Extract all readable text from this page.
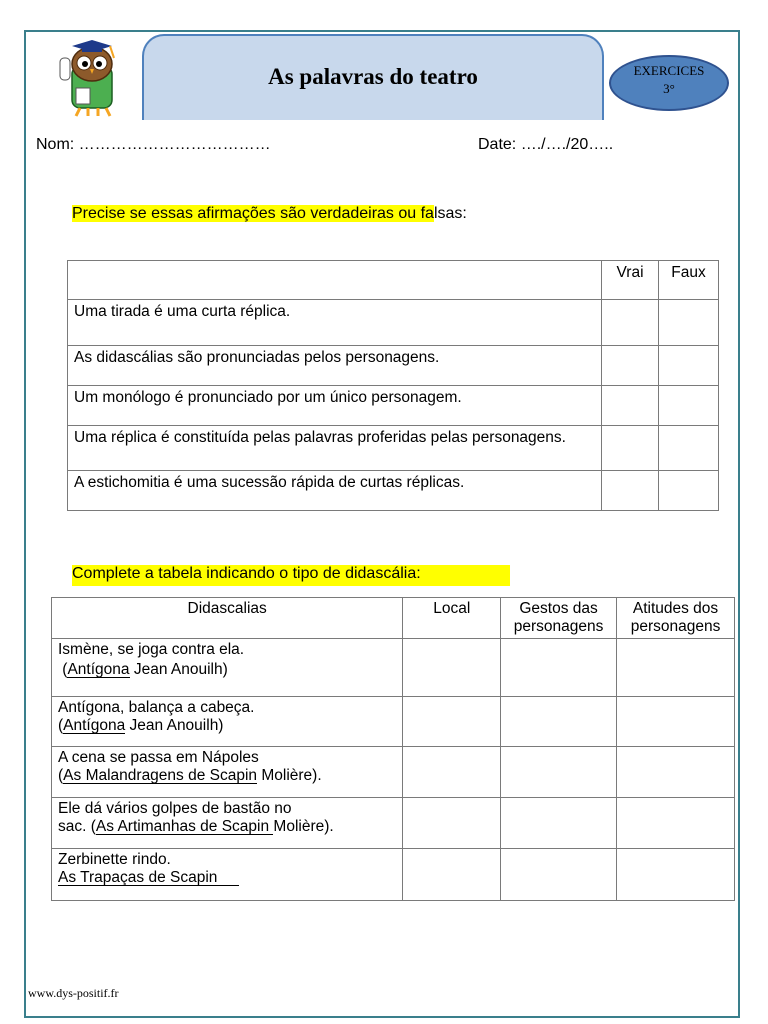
As palavras do teatro	EXERCICES
3°
Nom: ………………………………	Date: …./…./20…..
Precise se essas afirmações são verdadeiras ou falsas:
	Vrai	Faux
Uma tirada é uma curta réplica.		
As didascálias são pronunciadas pelos personagens.		
Um monólogo é pronunciado por um único personagem.		
Uma réplica é constituída pelas palavras proferidas pelas personagens.		
A estichomitia é uma sucessão rápida de curtas réplicas.		
Complete a tabela indicando o tipo de didascália:
Didascalias	Local	Gestos das personagens	Atitudes dos personagens

Ismène, se joga contra ela.
(Antígona Jean Anouilh)			

Antígona, balança a cabeça.
(Antígona Jean Anouilh)			

A cena se passa em Nápoles
(As Malandragens de Scapin Molière).			

Ele dá vários golpes de bastão no
sac. (As Artimanhas de Scapin Molière).			

Zerbinette rindo.
As Trapaças de Scapin			

www.dys-positif.fr
